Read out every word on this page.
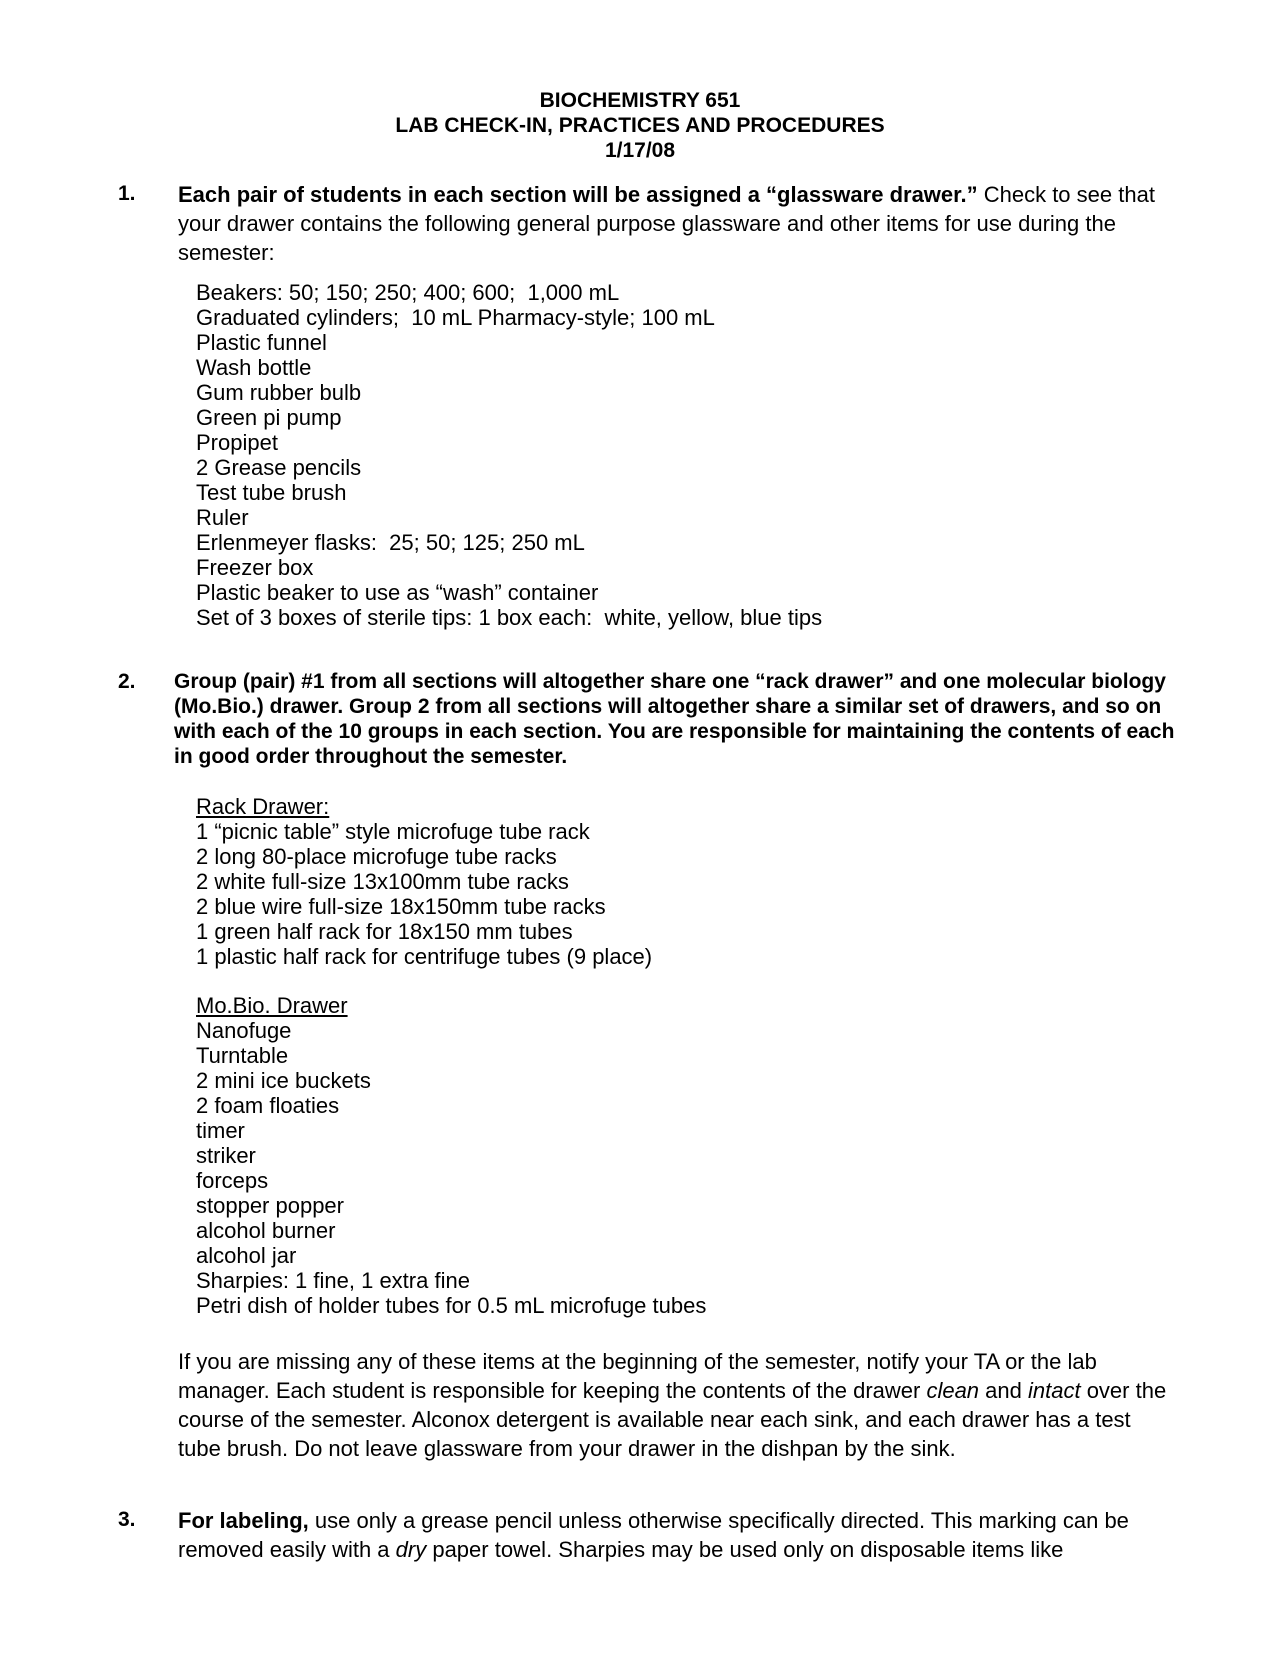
BIOCHEMISTRY 651
LAB CHECK-IN, PRACTICES AND PROCEDURES
1/17/08
1. Each pair of students in each section will be assigned a “glassware drawer.” Check to see that your drawer contains the following general purpose glassware and other items for use during the semester:
Beakers: 50; 150; 250; 400; 600;  1,000 mL
Graduated cylinders;  10 mL Pharmacy-style; 100 mL
Plastic funnel
Wash bottle
Gum rubber bulb
Green pi pump
Propipet
2 Grease pencils
Test tube brush
Ruler
Erlenmeyer flasks:  25; 50; 125; 250 mL
Freezer box
Plastic beaker to use as “wash” container
Set of 3 boxes of sterile tips: 1 box each:  white, yellow, blue tips
2. Group (pair) #1 from all sections will altogether share one “rack drawer” and one molecular biology (Mo.Bio.) drawer. Group 2 from all sections will altogether share a similar set of drawers, and so on with each of the 10 groups in each section. You are responsible for maintaining the contents of each in good order throughout the semester.
Rack Drawer:
1 “picnic table” style microfuge tube rack
2 long 80-place microfuge tube racks
2 white full-size 13x100mm tube racks
2 blue wire full-size 18x150mm tube racks
1 green half rack for 18x150 mm tubes
1 plastic half rack for centrifuge tubes (9 place)
Mo.Bio. Drawer
Nanofuge
Turntable
2 mini ice buckets
2 foam floaties
timer
striker
forceps
stopper popper
alcohol burner
alcohol jar
Sharpies: 1 fine, 1 extra fine
Petri dish of holder tubes for 0.5 mL microfuge tubes
If you are missing any of these items at the beginning of the semester, notify your TA or the lab manager. Each student is responsible for keeping the contents of the drawer clean and intact over the course of the semester. Alconox detergent is available near each sink, and each drawer has a test tube brush. Do not leave glassware from your drawer in the dishpan by the sink.
3. For labeling, use only a grease pencil unless otherwise specifically directed. This marking can be removed easily with a dry paper towel. Sharpies may be used only on disposable items like
